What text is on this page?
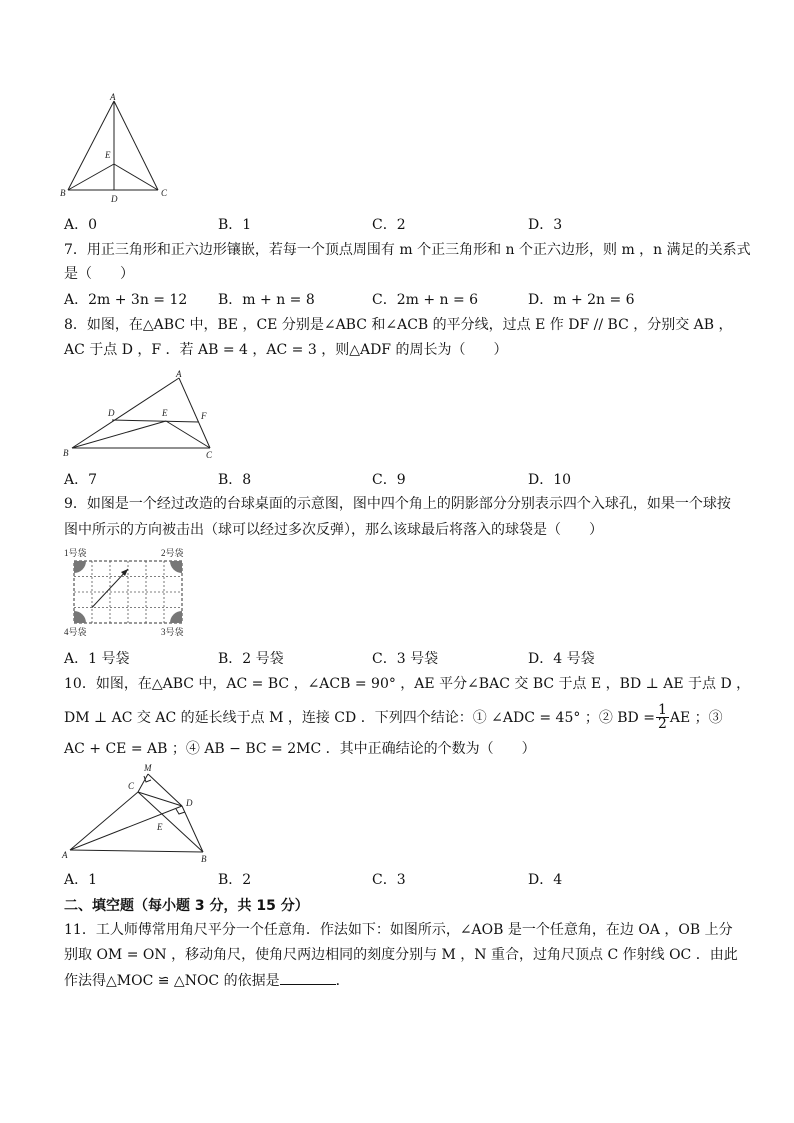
A
E
B
D
C
A．0	B．1	C．2	D．3
7．用正三角形和正六边形镶嵌，若每一个顶点周围有 m 个正三角形和 n 个正六边形，则 m ，n 满足的关系式
是（　　）
A．2m + 3n = 12 B．m + n = 8	C．2m + n = 6	D．m + 2n = 6
8．如图，在△ABC 中，BE ，CE 分别是∠ABC 和∠ACB 的平分线，过点 E 作 DF // BC ，分别交 AB ，
AC 于点 D ，F ．若 AB = 4 ，AC = 3 ，则△ADF 的周长为（　　）
A
D	E	F
B	C
A．7	B．8	C．9	D．10
9．如图是一个经过改造的台球桌面的示意图，图中四个角上的阴影部分分别表示四个入球孔，如果一个球按
图中所示的方向被击出（球可以经过多次反弹），那么该球最后将落入的球袋是（　　）
1号袋	2号袋
4号袋	3号袋
A．1 号袋	B．2 号袋	C．3 号袋	D．4 号袋
10．如图，在△ABC 中，AC = BC ，∠ACB = 90° ，AE 平分∠BAC 交 BC 于点 E ，BD ⊥ AE 于点 D ，
DM ⊥ AC 交 AC 的延长线于点 M ，连接 CD ．下列四个结论：① ∠ADC = 45° ；② BD = $\frac{1}{2}$ AE ；③
AC + CE = AB ；④ AB − BC = 2MC ．其中正确结论的个数为（　　）
M
C
D
E
A	B
A．1	B．2	C．3	D．4
二、填空题（每小题 3 分，共 15 分）
11．工人师傅常用角尺平分一个任意角．作法如下：如图所示，∠AOB 是一个任意角，在边 OA ，OB 上分
别取 OM = ON ，移动角尺，使角尺两边相同的刻度分别与 M ，N 重合，过角尺顶点 C 作射线 OC ．由此
作法得△MOC ≌ △NOC 的依据是	．
